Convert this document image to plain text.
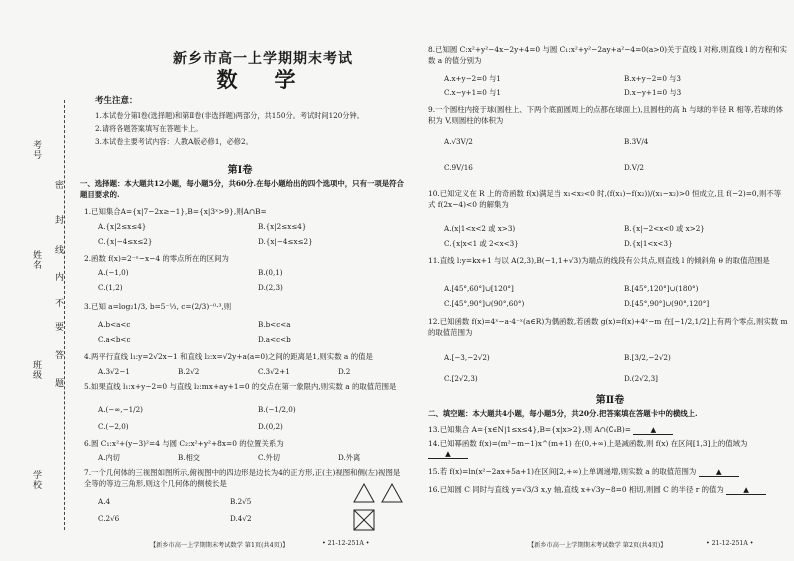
考号
姓名
班级
学校
密
封
线
内
不
要
答
题
新乡市高一上学期期末考试
数　学
考生注意：

1.本试卷分第Ⅰ卷(选择题)和第Ⅱ卷(非选择题)两部分，共150分。考试时间120分钟。

2.请将各题答案填写在答题卡上。

3.本试卷主要考试内容：人教A版必修1，必修2。

第Ⅰ卷
一、选择题：本大题共12小题，每小题5分，共60分.在每小题给出的四个选项中，只有一项是符合题目要求的.
1.已知集合A={x|7−2x≥−1},B={x|3ˣ>9},则A∩B=
A.{x|2≤x≤4}	B.{x|2≤x≤4}
C.{x|−4≤x≤2}	D.{x|−4≤x≤2}
2.函数 f(x)=2⁻ˣ−x−4 的零点所在的区间为
A.(−1,0)	B.(0,1)
C.(1,2)	D.(2,3)
3.已知 a=log₂1/3, b=5⁻⅓, c=(2/3)⁻⁰·³,则
A.b<a<c	B.b<c<a
C.a<b<c	D.a<c<b
4.两平行直线 l₁:y=2√2x−1 和直线 l₂:x=√2y+a(a=0)之间的距离是1,则实数 a 的值是
A.3√2−1	B.2√2	C.3√2+1	D.2
5.如果直线 l₁:x+y−2=0 与直线 l₂:mx+ay+1=0 的交点在第一象限内,则实数 a 的取值范围是
A.(−∞,−1/2)	B.(−1/2,0)
C.(−2,0)	D.(0,2)
6.圆 C₁:x²+(y−3)²=4 与圆 C₂:x²+y²+8x=0 的位置关系为
A.内切	B.相交	C.外切	D.外离
7.一个几何体的三视图如图所示,俯视图中的四边形是边长为4的正方形,正(主)视图和侧(左)视图是全等的等边三角形,则这个几何体的侧棱长是
A.4	B.2√5
C.2√6	D.4√2
【新乡市高一上学期期末考试数学 第1页(共4页)】	• 21-12-251A •
8.已知圆 C:x²+y²−4x−2y+4=0 与圆 C₁:x²+y²−2ay+a²−4=0(a>0)关于直线 l 对称,则直线 l 的方程和实数 a 的值分别为
A.x+y−2=0 与1	B.x+y−2=0 与3
C.x−y+1=0 与1	D.x−y+1=0 与3
9.一个圆柱内接于球(圆柱上、下两个底面圆周上的点都在球面上),且圆柱的高 h 与球的半径 R 相等,若球的体积为 V,则圆柱的体积为
A.√3V/2	B.3V/4
C.9V/16	D.V/2
10.已知定义在 R 上的奇函数 f(x)满足当 x₁<x₂<0 时,(f(x₁)−f(x₂))/(x₁−x₂)>0 恒成立,且 f(−2)=0,则不等式 f(2x−4)<0 的解集为
A.(x|1<x<2 或 x>3)	B.{x|−2<x<0 或 x>2}
C.{x|x<1 或 2<x<3}	D.{x|1<x<3}
11.直线 l:y=kx+1 与以 A(2,3),B(−1,1+√3)为端点的线段有公共点,则直线 l 的倾斜角 θ 的取值范围是
A.[45°,60°]∪[120°]	B.[45°,120°]∪(180°)
C.[45°,90°]∪(90°,60°)	D.[45°,90°]∪(90°,120°]
12.已知函数 f(x)=4ˣ−a·4⁻ˣ(a∈R)为偶函数,若函数 g(x)=f(x)+4ˣ−m 在[−1/2,1/2]上有两个零点,则实数 m 的取值范围为
A.[−3,−2√2)	B.[3/2,−2√2)
C.[2√2,3)	D.(2√2,3]
第Ⅱ卷
二、填空题：本大题共4小题，每小题5分，共20分.把答案填在答题卡中的横线上.
13.已知集合 A={x∈N|1≤x≤4},B={x|x>2},则 A∩(∁ᵤB)=	▲
14.已知幂函数 f(x)=(m²−m−1)x^(m+1) 在(0,+∞)上是减函数,则 f(x) 在区间[1,3]上的值域为 ▲
15.若 f(x)=ln(x²−2ax+5a+1)在区间[2,+∞)上单调递增,则实数 a 的取值范围为	▲
16.已知圆 C 同时与直线 y=√3/3 x,y 轴,直线 x+√3y−8=0 相切,则圆 C 的半径 r 的值为	▲
【新乡市高一上学期期末考试数学 第2页(共4页)】	• 21-12-251A •
